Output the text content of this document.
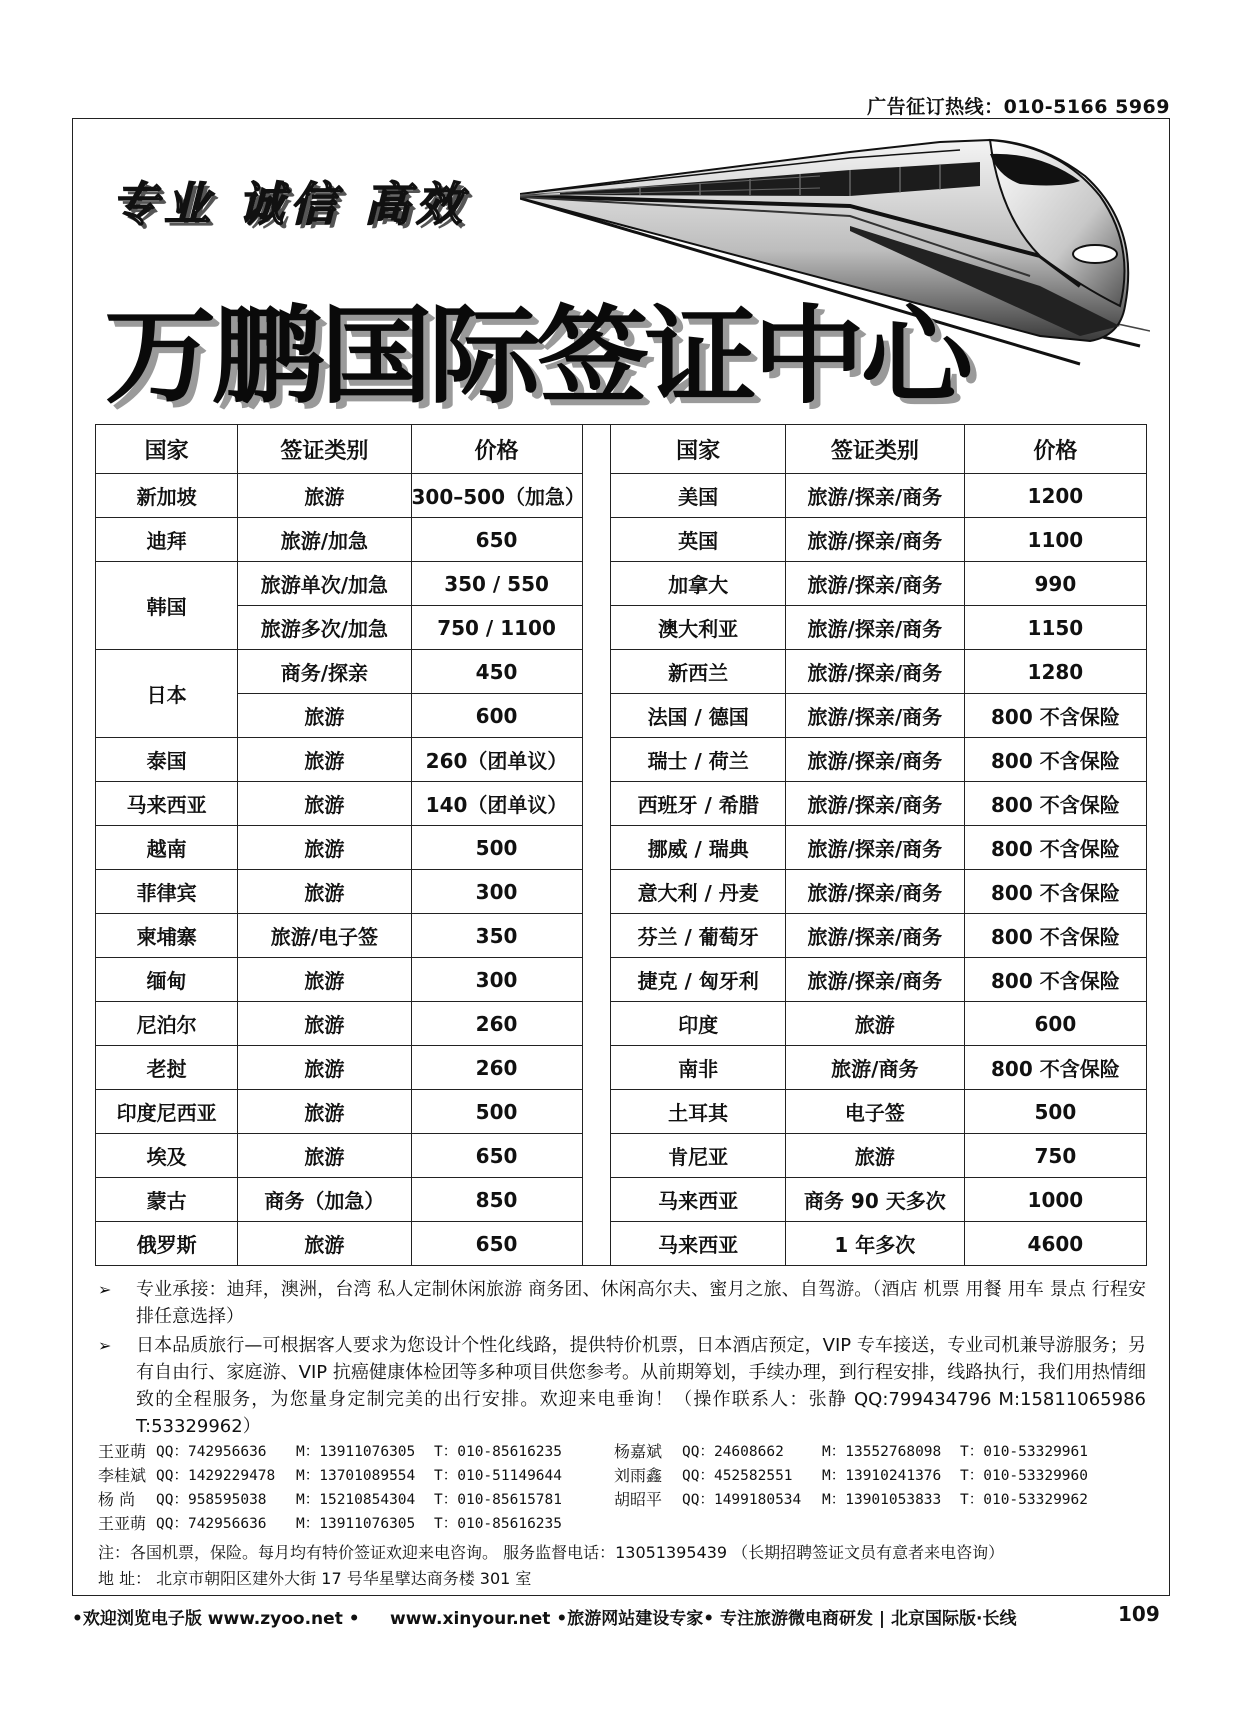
广告征订热线：010-5166 5969
专业 诚信 高效
万鹏国际签证中心
国家	签证类别	价格		国家	签证类别	价格
新加坡	旅游	300–500（加急）		美国	旅游/探亲/商务	1200
迪拜	旅游/加急	650		英国	旅游/探亲/商务	1100
韩国	旅游单次/加急	350 / 550		加拿大	旅游/探亲/商务	990
	旅游多次/加急	750 / 1100		澳大利亚	旅游/探亲/商务	1150
日本	商务/探亲	450		新西兰	旅游/探亲/商务	1280
	旅游	600		法国 / 德国	旅游/探亲/商务	800 不含保险
泰国	旅游	260（团单议）		瑞士 / 荷兰	旅游/探亲/商务	800 不含保险
马来西亚	旅游	140（团单议）		西班牙 / 希腊	旅游/探亲/商务	800 不含保险
越南	旅游	500		挪威 / 瑞典	旅游/探亲/商务	800 不含保险
菲律宾	旅游	300		意大利 / 丹麦	旅游/探亲/商务	800 不含保险
柬埔寨	旅游/电子签	350		芬兰 / 葡萄牙	旅游/探亲/商务	800 不含保险
缅甸	旅游	300		捷克 / 匈牙利	旅游/探亲/商务	800 不含保险
尼泊尔	旅游	260		印度	旅游	600
老挝	旅游	260		南非	旅游/商务	800 不含保险
印度尼西亚	旅游	500		土耳其	电子签	500
埃及	旅游	650		肯尼亚	旅游	750
蒙古	商务（加急）	850		马来西亚	商务 90 天多次	1000
俄罗斯	旅游	650		马来西亚	1 年多次	4600
➢	专业承接：迪拜，澳洲，台湾 私人定制休闲旅游 商务团、休闲高尔夫、蜜月之旅、自驾游。（酒店 机票 用餐 用车 景点 行程安排任意选择）
➢	日本品质旅行—可根据客人要求为您设计个性化线路，提供特价机票，日本酒店预定，VIP 专车接送，专业司机兼导游服务；另有自由行、家庭游、VIP 抗癌健康体检团等多种项目供您参考。从前期筹划，手续办理，到行程安排，线路执行，我们用热情细致的全程服务，为您量身定制完美的出行安排。欢迎来电垂询！（操作联系人：张静 QQ:799434796 M:15811065986 T:53329962）
王亚萌 QQ：742956636	M：13911076305	T：010-85616235	杨嘉斌	QQ：24608662	M：13552768098	T：010-53329961
李桂斌 QQ：1429229478	M：13701089554	T：010-51149644	刘雨鑫	QQ：452582551	M：13910241376	T：010-53329960
杨 尚	QQ：958595038	M：15210854304	T：010-85615781	胡昭平	QQ：1499180534	M：13901053833	T：010-53329962
王亚萌 QQ：742956636	M：13911076305	T：010-85616235
注：各国机票，保险。每月均有特价签证欢迎来电咨询。 服务监督电话：13051395439 （长期招聘签证文员有意者来电咨询）
地 址： 北京市朝阳区建外大街 17 号华星擘达商务楼 301 室
•欢迎浏览电子版 www.zyoo.net • www.xinyour.net •旅游网站建设专家• 专注旅游微电商研发 | 北京国际版·长线	109
